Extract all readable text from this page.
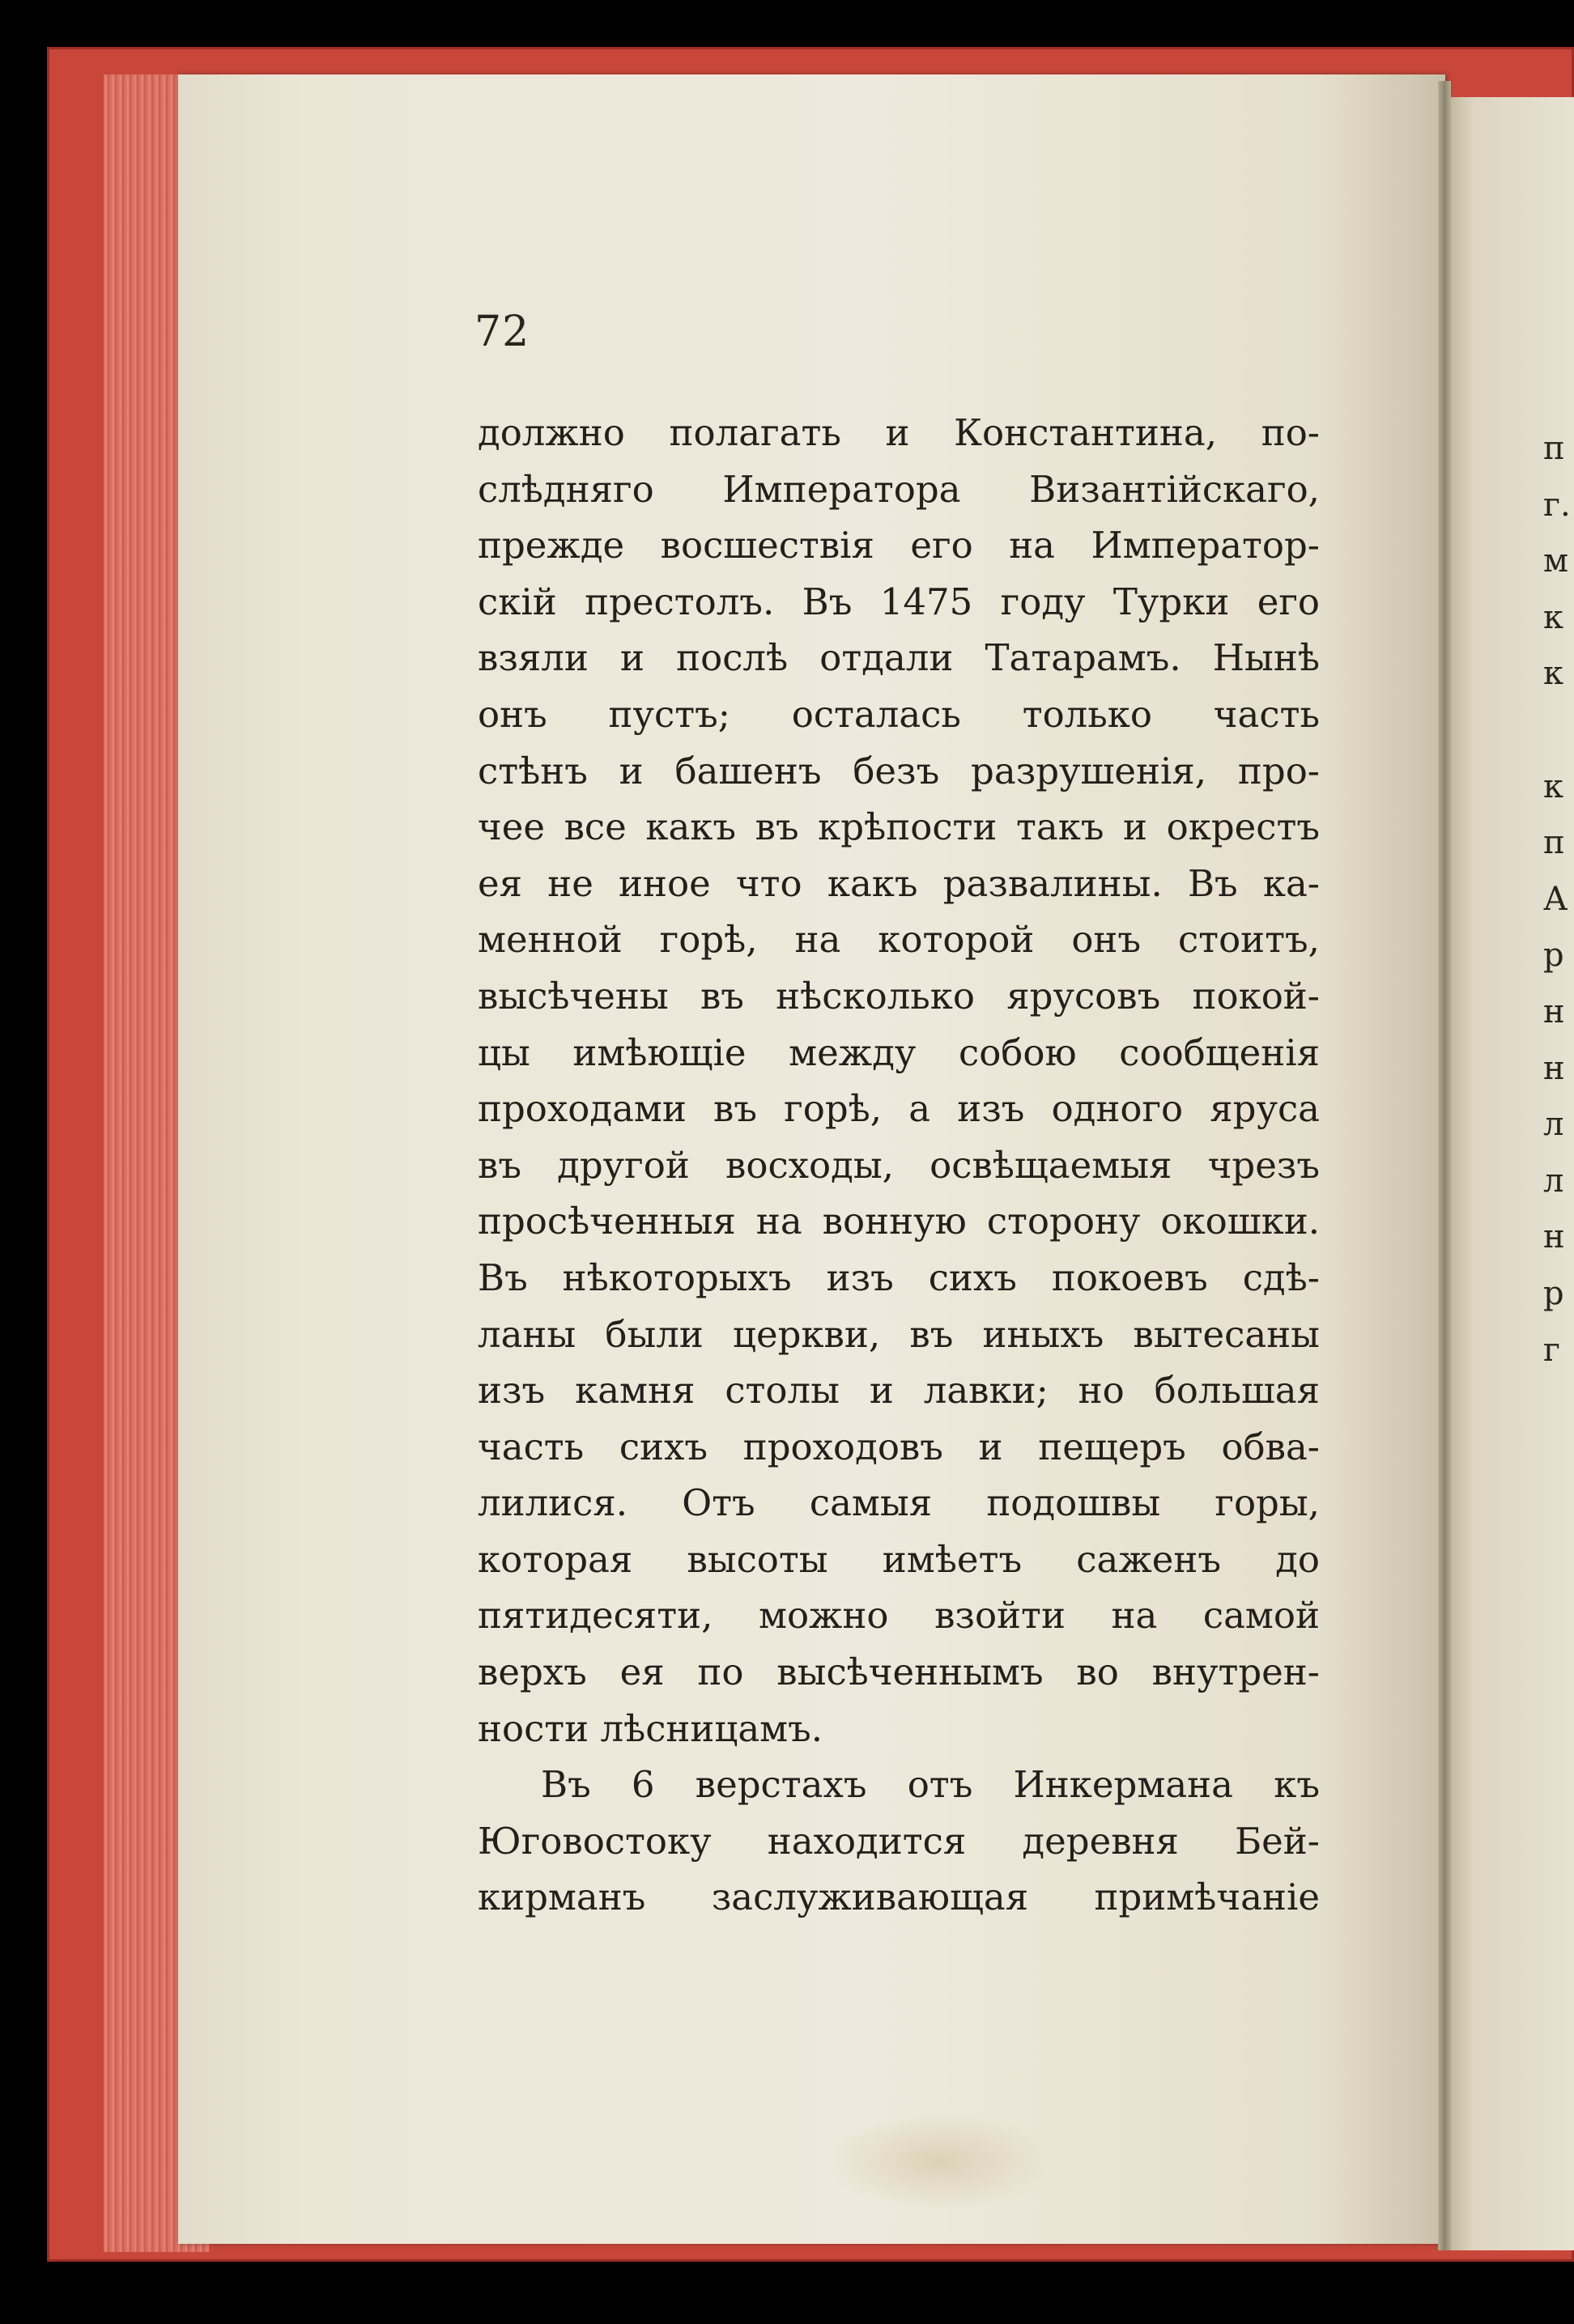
72
должно полагать и Константина, по-
слѣдняго Императора Византійскаго,
прежде восшествія его на Император-
скій престолъ. Въ 1475 году Турки его
взяли и послѣ отдали Татарамъ. Нынѣ
онъ пустъ; осталась только часть
стѣнъ и башенъ безъ разрушенія, про-
чее все какъ въ крѣпости такъ и окрестъ
ея не иное что какъ развалины. Въ ка-
менной горѣ, на которой онъ стоитъ,
высѣчены въ нѣсколько ярусовъ покой-
цы имѣющіе между собою сообщенія
проходами въ горѣ, а изъ одного яруса
въ другой восходы, освѣщаемыя чрезъ
просѣченныя на вонную сторону окошки.
Въ нѣкоторыхъ изъ сихъ покоевъ сдѣ-
ланы были церкви, въ иныхъ вытесаны
изъ камня столы и лавки; но большая
часть сихъ проходовъ и пещеръ обва-
лилися. Отъ самыя подошвы горы,
которая высоты имѣетъ саженъ до
пятидесяти, можно взойти на самой
верхъ ея по высѣченнымъ во внутрен-
ности лѣсницамъ.
Въ 6 верстахъ отъ Инкермана къ
Юговостоку находится деревня Бей-
кирманъ заслуживающая примѣчаніе
п
г.
м
к
к
к
п
А
р
н
н
л
л
н
р
г
